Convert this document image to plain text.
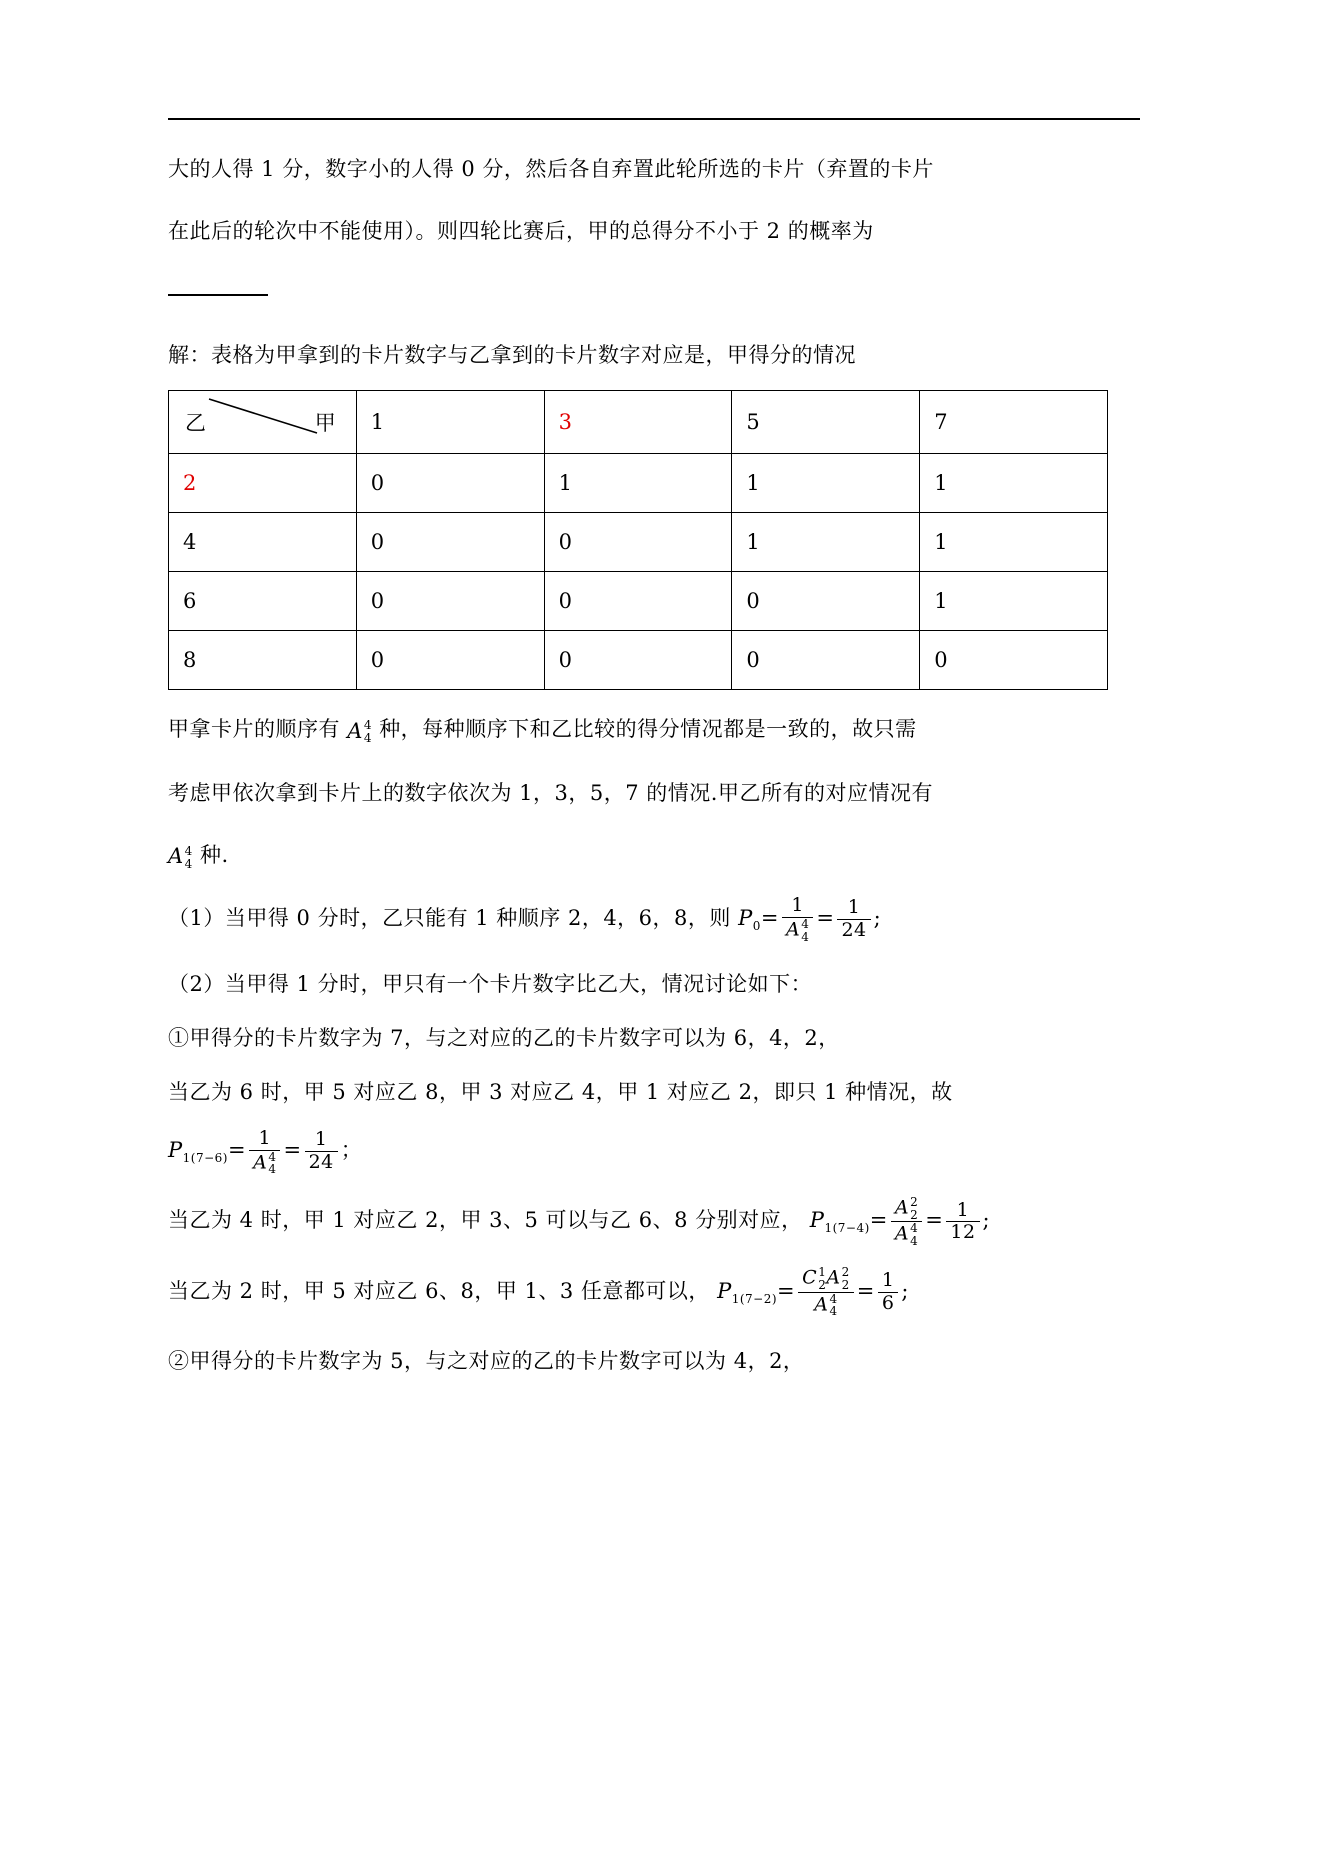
大的人得 1 分，数字小的人得 0 分，然后各自弃置此轮所选的卡片（弃置的卡片

在此后的轮次中不能使用）。则四轮比赛后，甲的总得分不小于 2 的概率为

解：表格为甲拿到的卡片数字与乙拿到的卡片数字对应是，甲得分的情况

乙 甲	1	3	5	7
2	0	1	1	1
4	0	0	1	1
6	0	0	0	1
8	0	0	0	0

甲拿卡片的顺序有 A 4
4 种，每种顺序下和乙比较的得分情况都是一致的，故只需

考虑甲依次拿到卡片上的数字依次为 1，3，5，7 的情况.甲乙所有的对应情况有

A 4
4 种.

（1）当甲得 0 分时，乙只能有 1 种顺序 2，4，6，8，则 $P_0= 1$
A 4
$4 = \frac{1}{24}$ ;

（2）当甲得 1 分时，甲只有一个卡片数字比乙大，情况讨论如下：

①甲得分的卡片数字为 7，与之对应的乙的卡片数字可以为 6，4，2，

当乙为 6 时，甲 5 对应乙 8，甲 3 对应乙 4，甲 1 对应乙 2，即只 1 种情况，故

$P_{1(7-6)}= 1$
A 4
$4 = \frac{1}{24}$ ；

当乙为 4 时，甲 1 对应乙 2，甲 3、5 可以与乙 6、8 分别对应， $P_{1(7-4)}= A$ 2
2
A 4
$4 = \frac{1}{12}$ ;

当乙为 2 时，甲 5 对应乙 6、8，甲 1、3 任意都可以， $P_{1(7-2)}= C$ 1
2 A 2
2
A 4
$4 = \frac{1}{6}$ ;

②甲得分的卡片数字为 5，与之对应的乙的卡片数字可以为 4，2，
